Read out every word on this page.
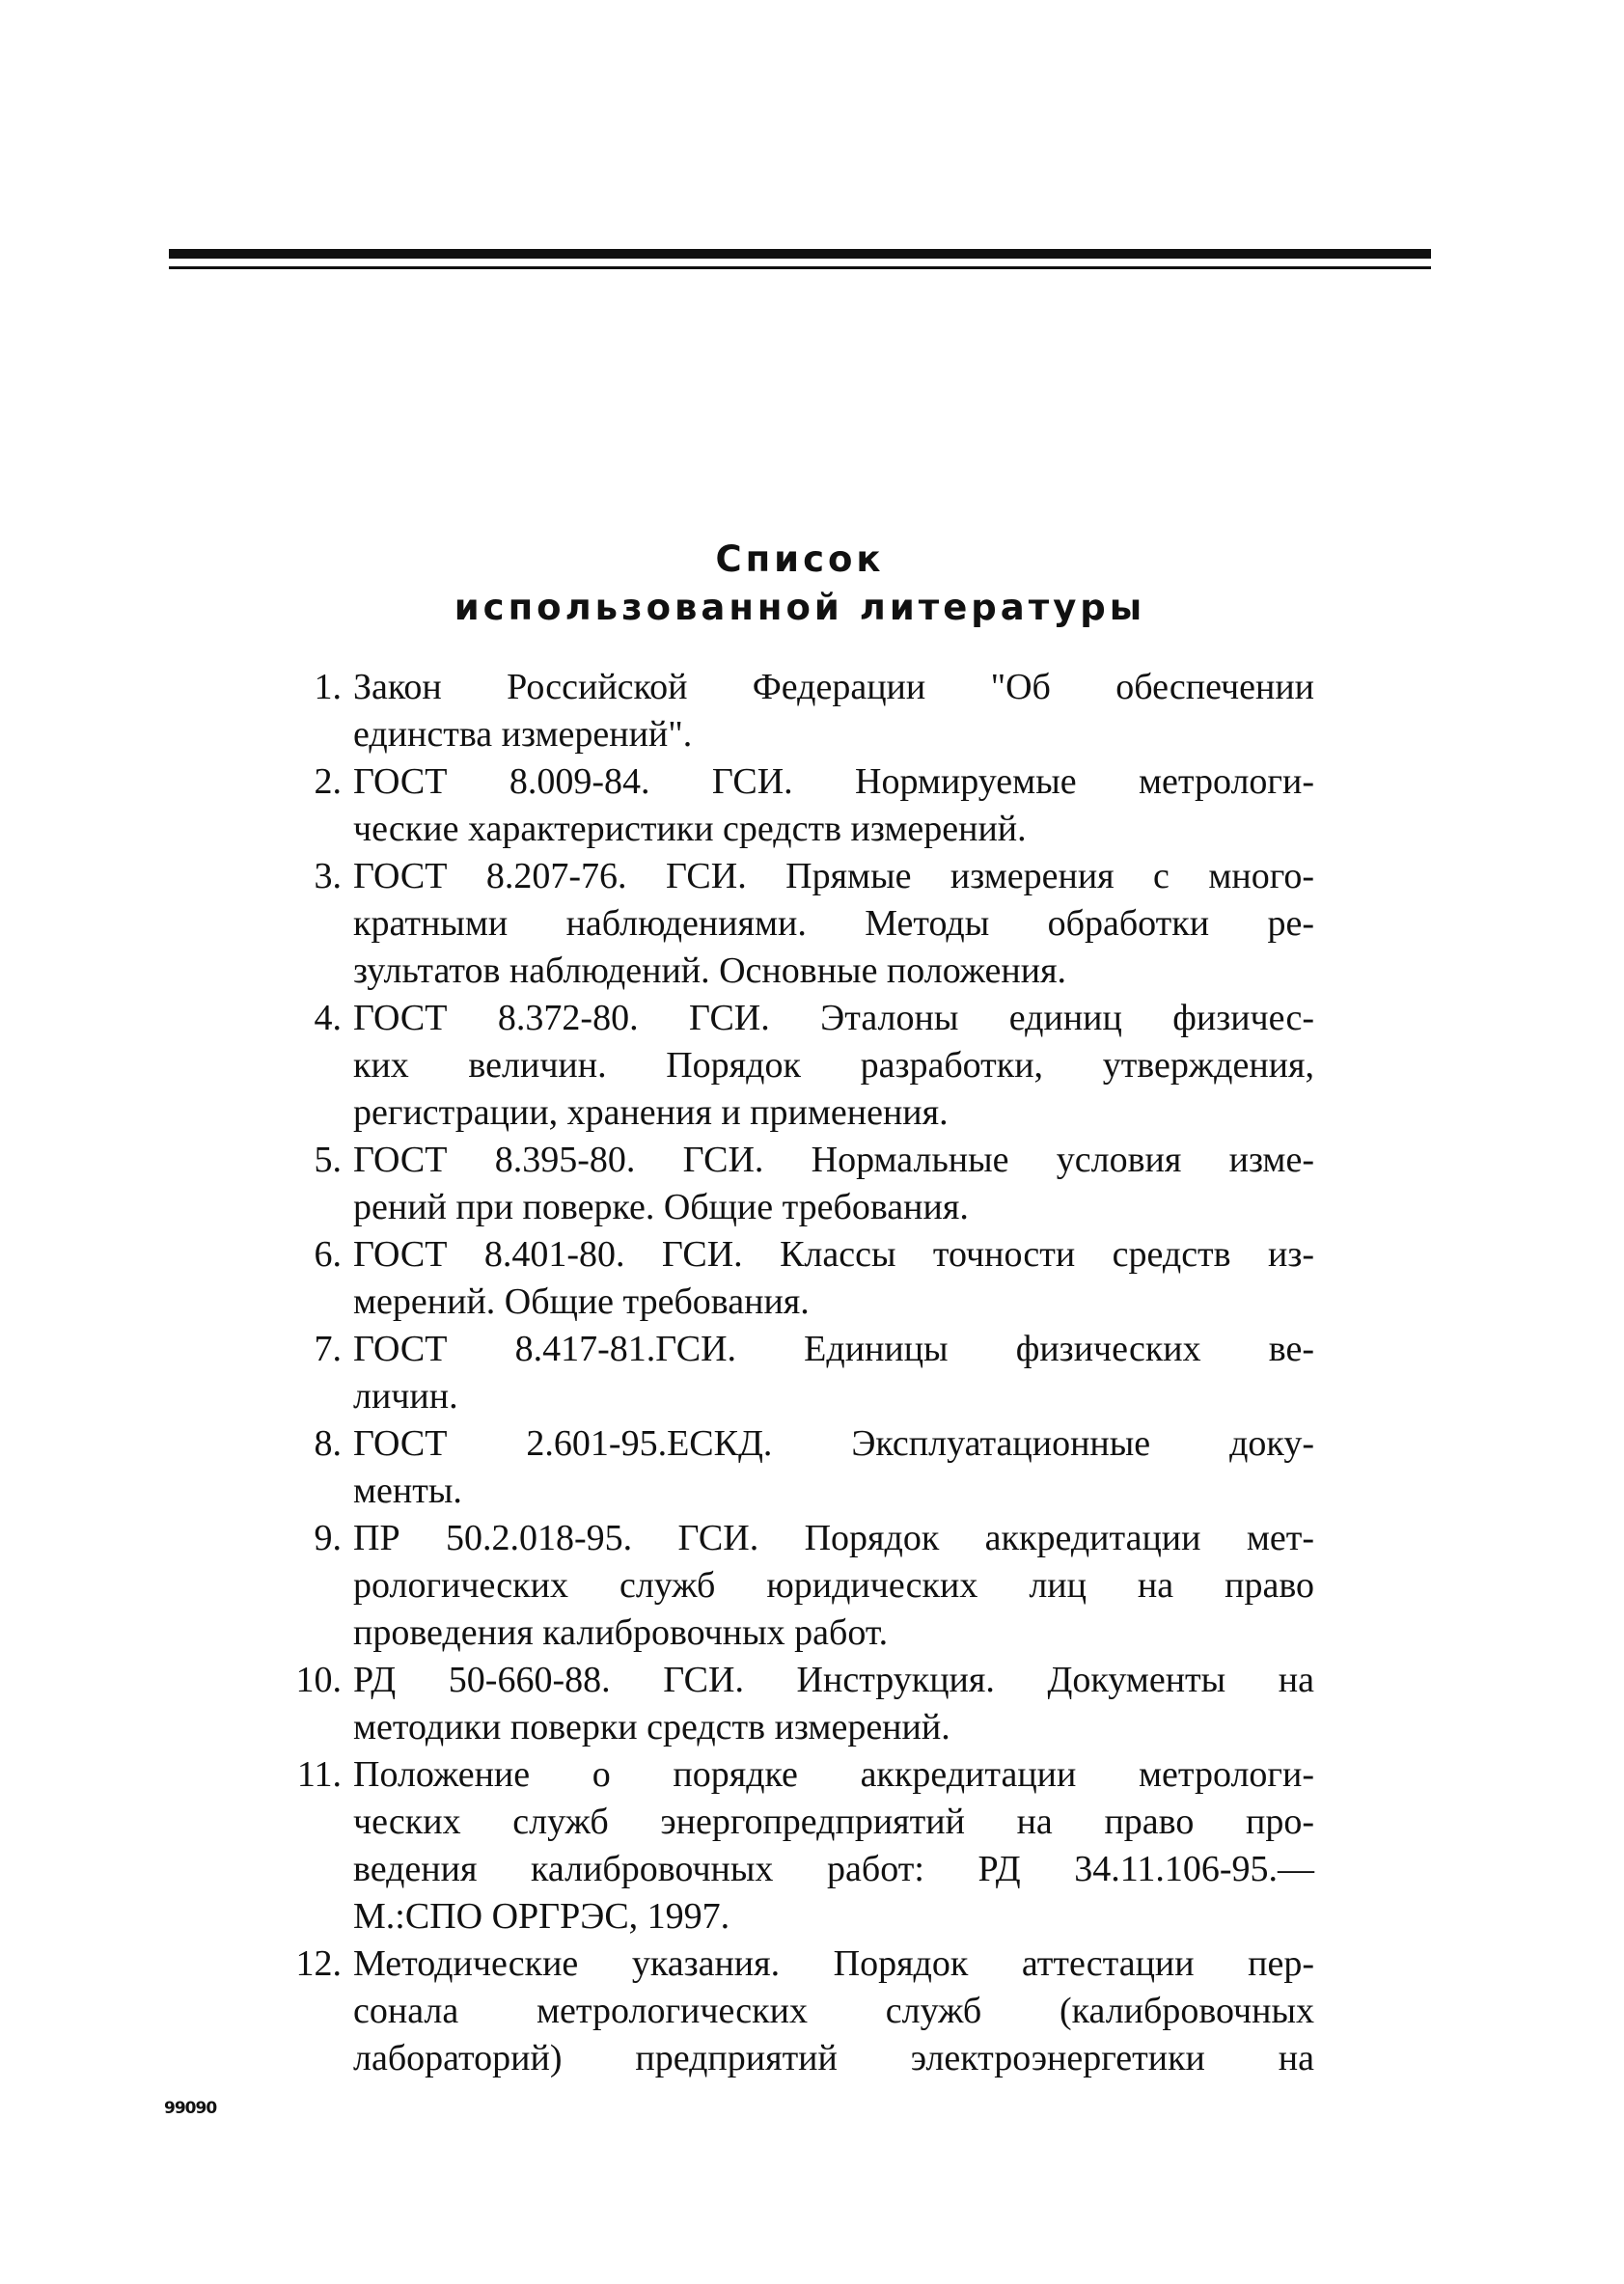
Список
использованной литературы
1. Закон Российской Федерации "Об обеспечении
единства измерений".
2. ГОСТ 8.009-84. ГСИ. Нормируемые метрологи-
ческие характеристики средств измерений.
3. ГОСТ 8.207-76. ГСИ. Прямые измерения с много-
кратными наблюдениями. Методы обработки ре-
зультатов наблюдений. Основные положения.
4. ГОСТ 8.372-80. ГСИ. Эталоны единиц физичес-
ких величин. Порядок разработки, утверждения,
регистрации, хранения и применения.
5. ГОСТ 8.395-80. ГСИ. Нормальные условия изме-
рений при поверке. Общие требования.
6. ГОСТ 8.401-80. ГСИ. Классы точности средств из-
мерений. Общие требования.
7. ГОСТ 8.417-81.ГСИ. Единицы физических ве-
личин.
8. ГОСТ 2.601-95.ЕСКД. Эксплуатационные доку-
менты.
9. ПР 50.2.018-95. ГСИ. Порядок аккредитации мет-
рологических служб юридических лиц на право
проведения калибровочных работ.
10. РД 50-660-88. ГСИ. Инструкция. Документы на
методики поверки средств измерений.
11. Положение о порядке аккредитации метрологи-
ческих служб энергопредприятий на право про-
ведения калибровочных работ: РД 34.11.106-95.—
М.:СПО ОРГРЭС, 1997.
12. Методические указания. Порядок аттестации пер-
сонала метрологических служб (калибровочных
лабораторий) предприятий электроэнергетики на
99090
